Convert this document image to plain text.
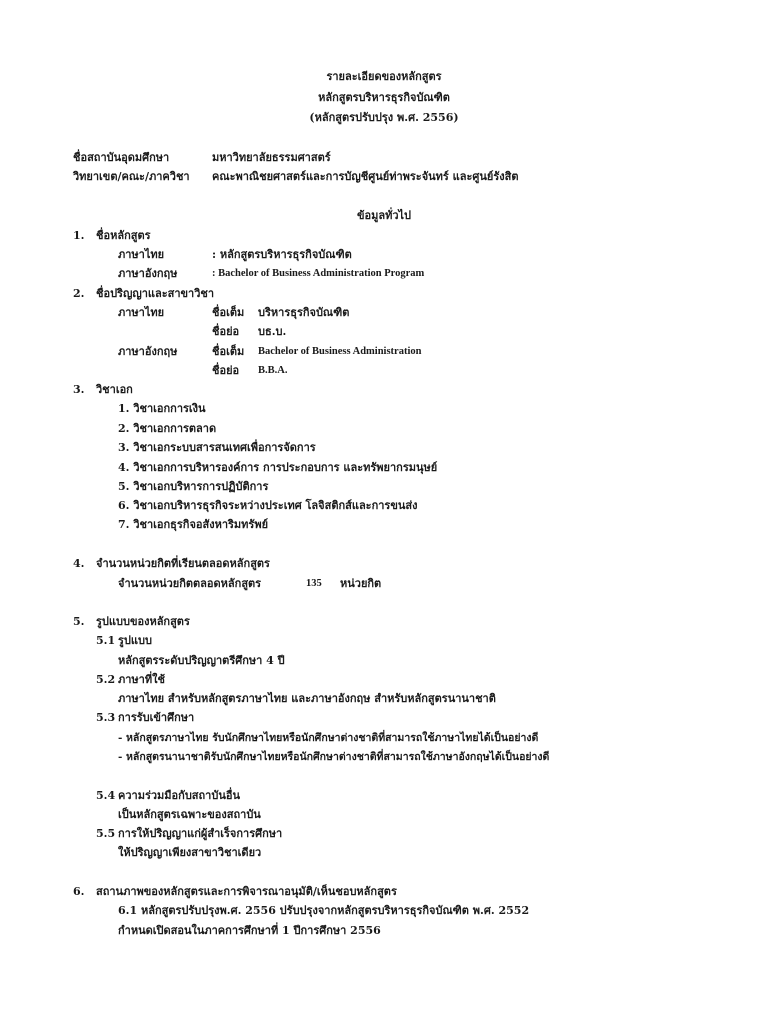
รายละเอียดของหลักสูตร
หลักสูตรบริหารธุรกิจบัณฑิต
(หลักสูตรปรับปรุง พ.ศ. 2556)
ชื่อสถาบันอุดมศึกษา	มหาวิทยาลัยธรรมศาสตร์
วิทยาเขต/คณะ/ภาควิชา คณะพาณิชยศาสตร์และการบัญชีศูนย์ท่าพระจันทร์ และศูนย์รังสิต
ข้อมูลทั่วไป
1. ชื่อหลักสูตร
ภาษาไทย	: หลักสูตรบริหารธุรกิจบัณฑิต
ภาษาอังกฤษ	: Bachelor of Business Administration Program
2. ชื่อปริญญาและสาขาวิชา
ภาษาไทย	ชื่อเต็ม บริหารธุรกิจบัณฑิต
ชื่อย่อ บธ.บ.
ภาษาอังกฤษ	ชื่อเต็ม Bachelor of Business Administration
ชื่อย่อ B.B.A.
3. วิชาเอก
1. วิชาเอกการเงิน
2. วิชาเอกการตลาด
3. วิชาเอกระบบสารสนเทศเพื่อการจัดการ
4. วิชาเอกการบริหารองค์การ การประกอบการ และทรัพยากรมนุษย์
5. วิชาเอกบริหารการปฏิบัติการ
6. วิชาเอกบริหารธุรกิจระหว่างประเทศ โลจิสติกส์และการขนส่ง
7. วิชาเอกธุรกิจอสังหาริมทรัพย์
4. จำนวนหน่วยกิตที่เรียนตลอดหลักสูตร
จำนวนหน่วยกิตตลอดหลักสูตร	135 หน่วยกิต
5. รูปแบบของหลักสูตร
5.1 รูปแบบ
หลักสูตรระดับปริญญาตรีศึกษา 4 ปี
5.2 ภาษาที่ใช้
ภาษาไทย สำหรับหลักสูตรภาษาไทย และภาษาอังกฤษ สำหรับหลักสูตรนานาชาติ
5.3 การรับเข้าศึกษา
- หลักสูตรภาษาไทย รับนักศึกษาไทยหรือนักศึกษาต่างชาติที่สามารถใช้ภาษาไทยได้เป็นอย่างดี
- หลักสูตรนานาชาติรับนักศึกษาไทยหรือนักศึกษาต่างชาติที่สามารถใช้ภาษาอังกฤษได้เป็นอย่างดี
5.4 ความร่วมมือกับสถาบันอื่น
เป็นหลักสูตรเฉพาะของสถาบัน
5.5 การให้ปริญญาแก่ผู้สำเร็จการศึกษา
ให้ปริญญาเพียงสาขาวิชาเดียว
6. สถานภาพของหลักสูตรและการพิจารณาอนุมัติ/เห็นชอบหลักสูตร
6.1 หลักสูตรปรับปรุงพ.ศ. 2556 ปรับปรุงจากหลักสูตรบริหารธุรกิจบัณฑิต พ.ศ. 2552
กำหนดเปิดสอนในภาคการศึกษาที่ 1 ปีการศึกษา 2556
